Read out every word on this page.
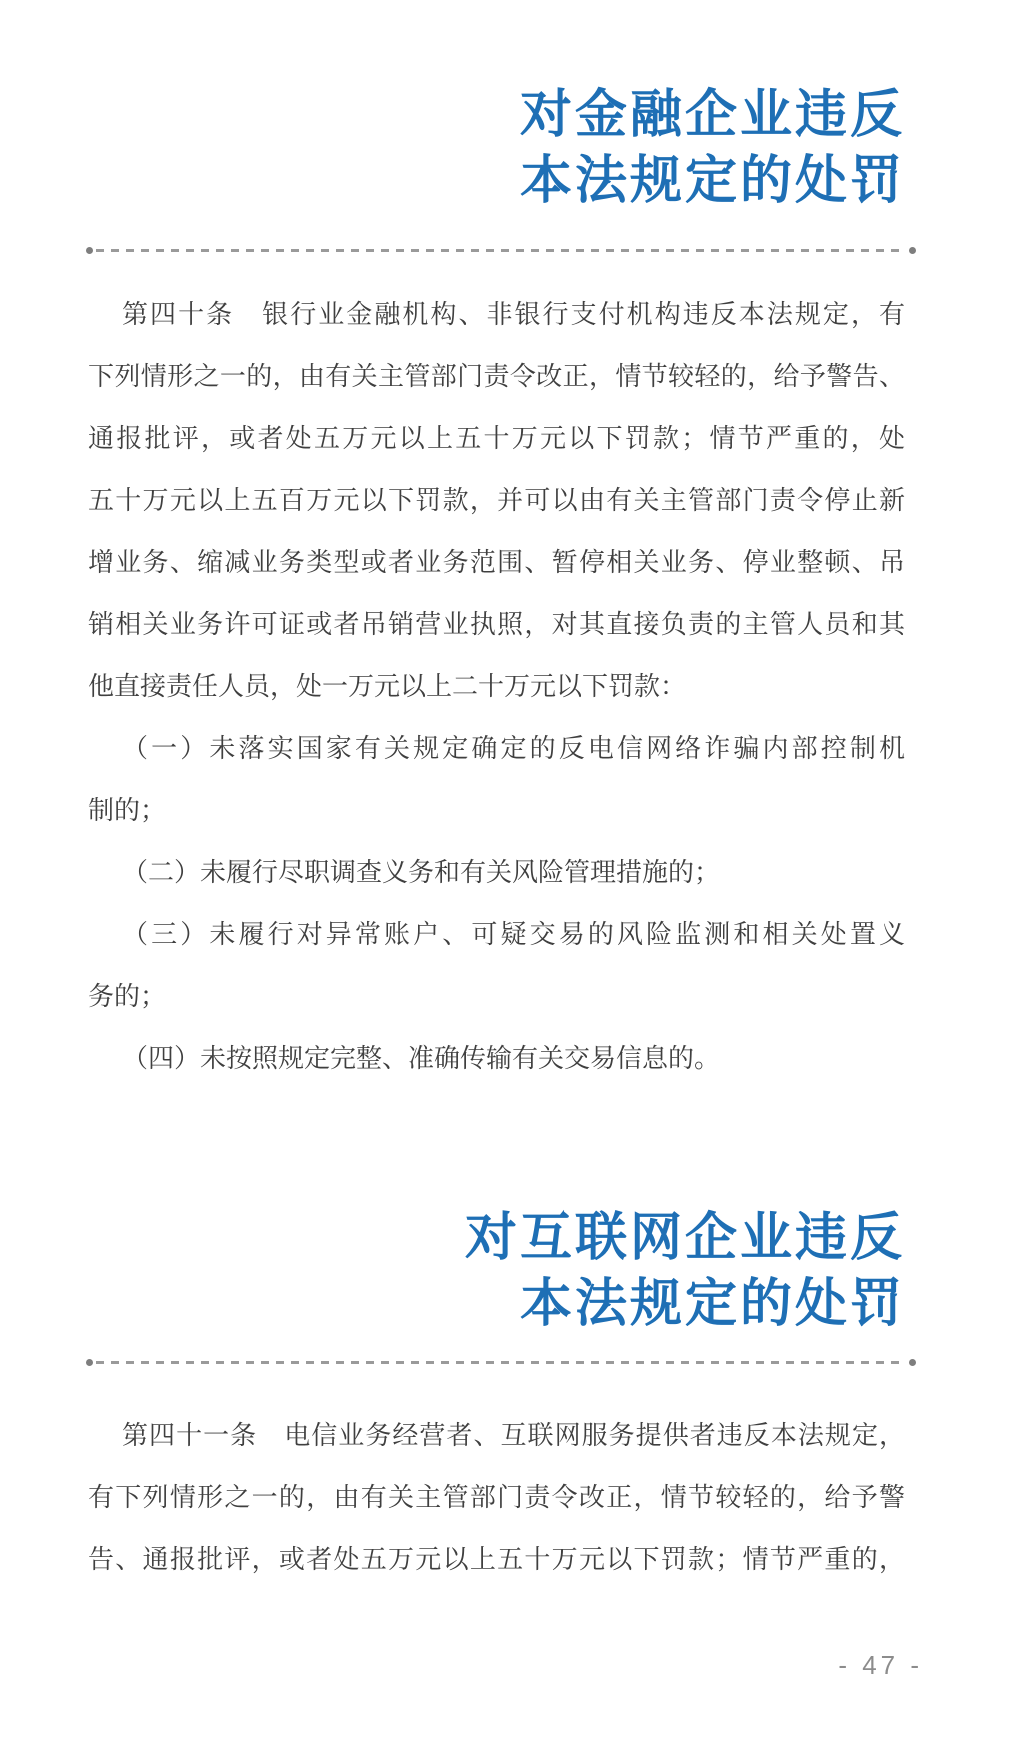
对金融企业违反
本法规定的处罚
第四十条　银行业金融机构、非银行支付机构违反本法规定，有
下列情形之一的，由有关主管部门责令改正，情节较轻的，给予警告、
通报批评，或者处五万元以上五十万元以下罚款；情节严重的，处
五十万元以上五百万元以下罚款，并可以由有关主管部门责令停止新
增业务、缩减业务类型或者业务范围、暂停相关业务、停业整顿、吊
销相关业务许可证或者吊销营业执照，对其直接负责的主管人员和其
他直接责任人员，处一万元以上二十万元以下罚款：
（一）未落实国家有关规定确定的反电信网络诈骗内部控制机
制的；
（二）未履行尽职调查义务和有关风险管理措施的；
（三）未履行对异常账户、可疑交易的风险监测和相关处置义
务的；
（四）未按照规定完整、准确传输有关交易信息的。
对互联网企业违反
本法规定的处罚
第四十一条　电信业务经营者、互联网服务提供者违反本法规定，
有下列情形之一的，由有关主管部门责令改正，情节较轻的，给予警
告、通报批评，或者处五万元以上五十万元以下罚款；情节严重的，
- 47 -
